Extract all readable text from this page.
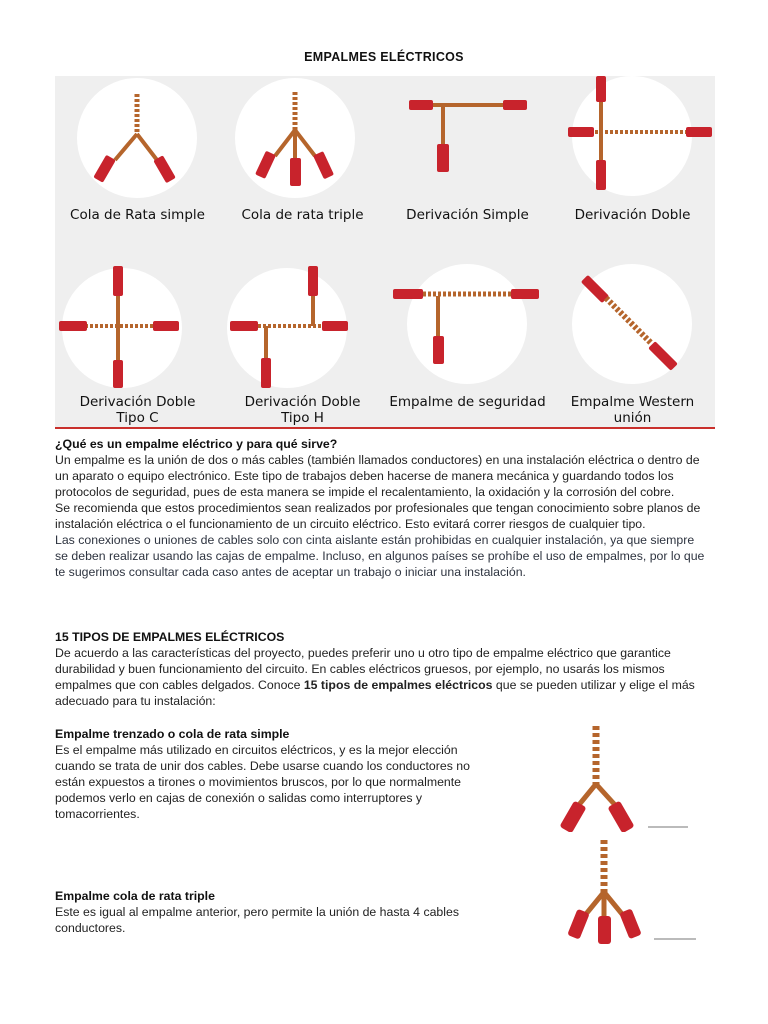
EMPALMES ELÉCTRICOS
Cola de Rata simple	Cola de rata triple	Derivación Simple	Derivación Doble
Derivación Doble
Tipo C
Derivación Doble
Tipo H
Empalme de seguridad	Empalme Western
unión

¿Qué es un empalme eléctrico y para qué sirve?

Un empalme es la unión de dos o más cables (también llamados conductores) en una instalación eléctrica o dentro de un aparato o equipo electrónico. Este tipo de trabajos deben hacerse de manera mecánica y guardando todos los protocolos de seguridad, pues de esta manera se impide el recalentamiento, la oxidación y la corrosión del cobre.

Se recomienda que estos procedimientos sean realizados por profesionales que tengan conocimiento sobre planos de instalación eléctrica o el funcionamiento de un circuito eléctrico. Esto evitará correr riesgos de cualquier tipo.

Las conexiones o uniones de cables solo con cinta aislante están prohibidas en cualquier instalación, ya que siempre se deben realizar usando las cajas de empalme. Incluso, en algunos países se prohíbe el uso de empalmes, por lo que te sugerimos consultar cada caso antes de aceptar un trabajo o iniciar una instalación.

15 TIPOS DE EMPALMES ELÉCTRICOS

De acuerdo a las características del proyecto, puedes preferir uno u otro tipo de empalme eléctrico que garantice durabilidad y buen funcionamiento del circuito. En cables eléctricos gruesos, por ejemplo, no usarás los mismos empalmes que con cables delgados. Conoce 15 tipos de empalmes eléctricos que se pueden utilizar y elige el más adecuado para tu instalación:

Empalme trenzado o cola de rata simple

Es el empalme más utilizado en circuitos eléctricos, y es la mejor elección cuando se trata de unir dos cables. Debe usarse cuando los conductores no están expuestos a tirones o movimientos bruscos, por lo que normalmente podemos verlo en cajas de conexión o salidas como interruptores y tomacorrientes.

Empalme cola de rata triple

Este es igual al empalme anterior, pero permite la unión de hasta 4 cables conductores.
